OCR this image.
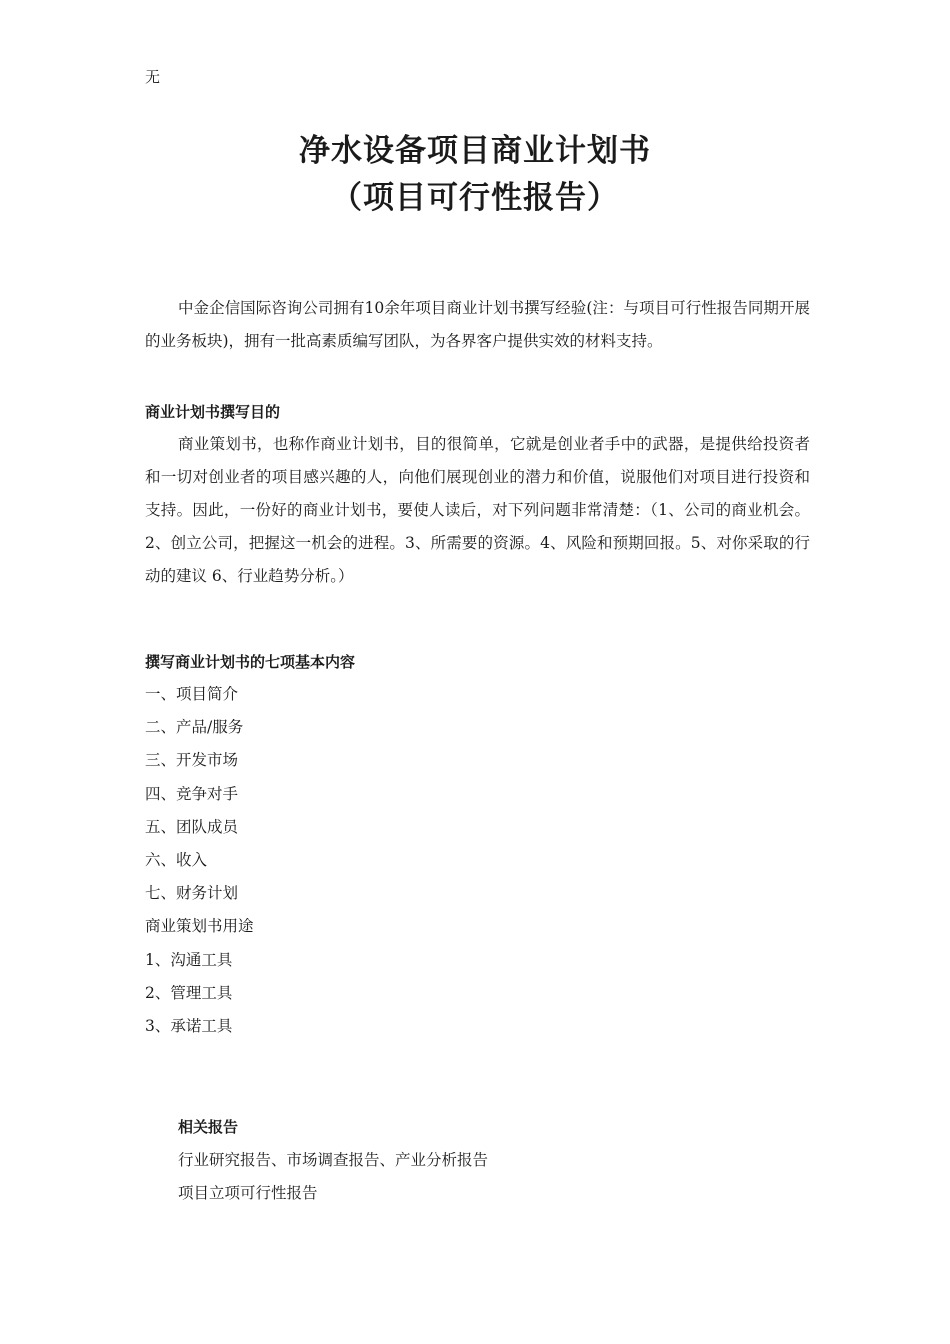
无
净水设备项目商业计划书
（项目可行性报告）
中金企信国际咨询公司拥有10余年项目商业计划书撰写经验(注：与项目可行性报告同期开展的业务板块)，拥有一批高素质编写团队，为各界客户提供实效的材料支持。
商业计划书撰写目的
商业策划书，也称作商业计划书，目的很简单，它就是创业者手中的武器，是提供给投资者和一切对创业者的项目感兴趣的人，向他们展现创业的潜力和价值，说服他们对项目进行投资和支持。因此，一份好的商业计划书，要使人读后，对下列问题非常清楚：（1、公司的商业机会。2、创立公司，把握这一机会的进程。3、所需要的资源。4、风险和预期回报。5、对你采取的行动的建议 6、行业趋势分析。）
撰写商业计划书的七项基本内容
一、项目简介
二、产品/服务
三、开发市场
四、竞争对手
五、团队成员
六、收入
七、财务计划
商业策划书用途
1、沟通工具
2、管理工具
3、承诺工具
相关报告
行业研究报告、市场调查报告、产业分析报告
项目立项可行性报告
